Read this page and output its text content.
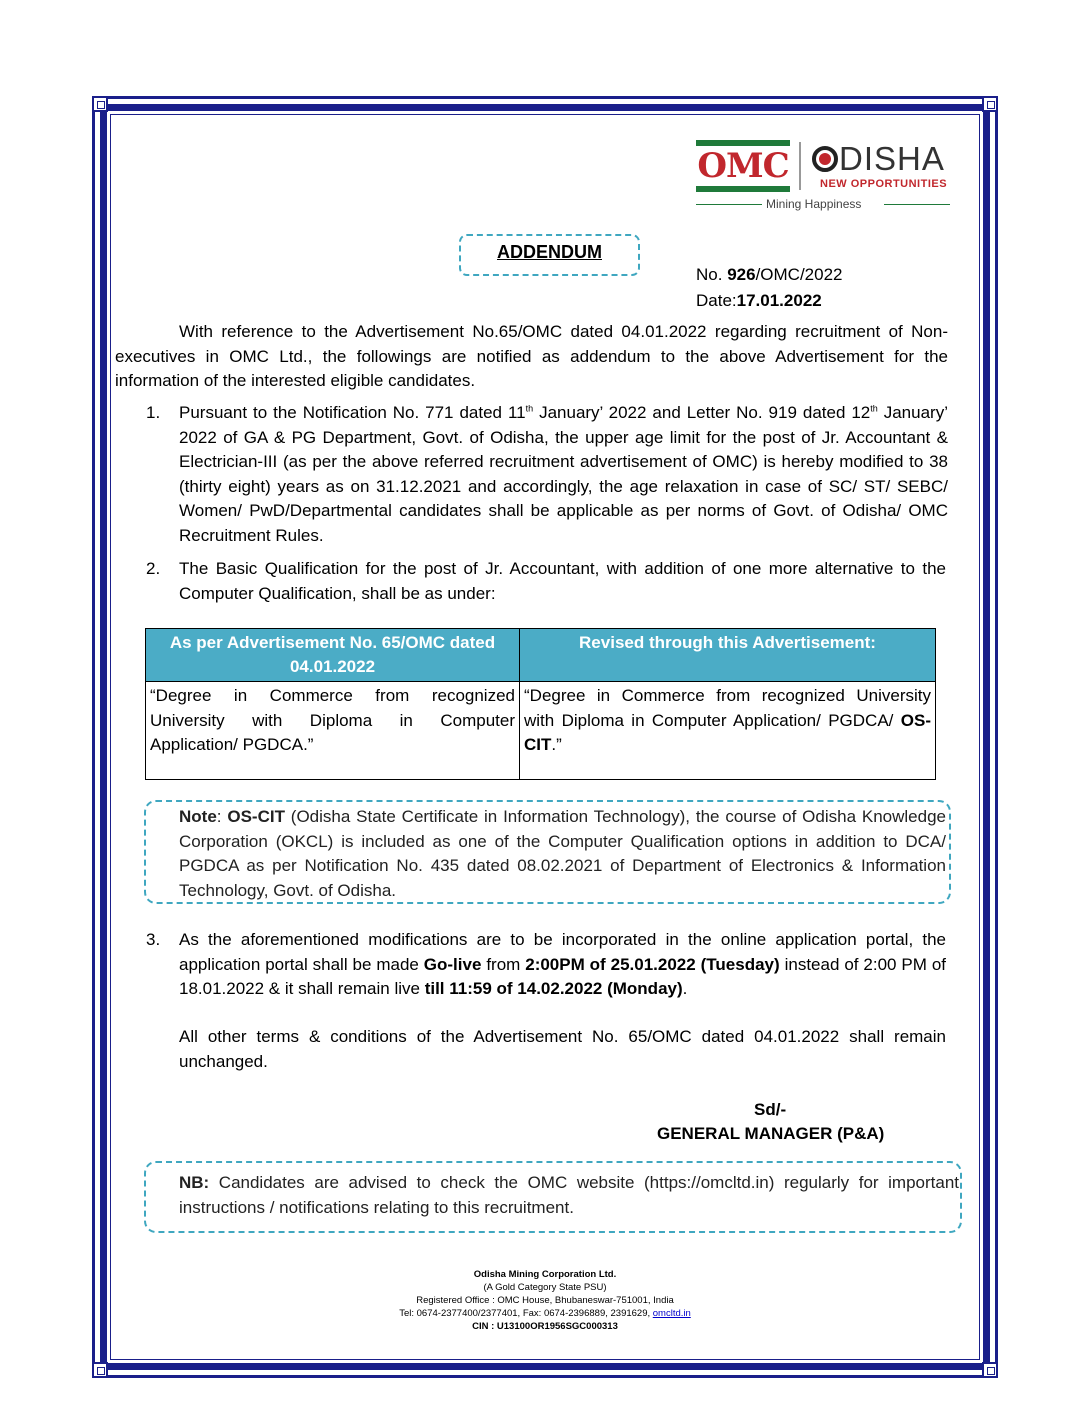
OMC	DISHA
NEW OPPORTUNITIES
Mining Happiness
ADDENDUM
No. 926/OMC/2022
Date:17.01.2022
With reference to the Advertisement No.65/OMC dated 04.01.2022 regarding recruitment of Non-executives in OMC Ltd., the followings are notified as addendum to the above Advertisement for the information of the interested eligible candidates.
1. Pursuant to the Notification No. 771 dated 11th January’ 2022 and Letter No. 919 dated 12th January’ 2022 of GA & PG Department, Govt. of Odisha, the upper age limit for the post of Jr. Accountant & Electrician-III (as per the above referred recruitment advertisement of OMC) is hereby modified to 38 (thirty eight) years as on 31.12.2021 and accordingly, the age relaxation in case of SC/ ST/ SEBC/ Women/ PwD/Departmental candidates shall be applicable as per norms of Govt. of Odisha/ OMC Recruitment Rules.
2. The Basic Qualification for the post of Jr. Accountant, with addition of one more alternative to the Computer Qualification, shall be as under:
As per Advertisement No. 65/OMC dated 04.01.2022	Revised through this Advertisement:
“Degree in Commerce from recognized University with Diploma in Computer Application/ PGDCA.”	“Degree in Commerce from recognized University with Diploma in Computer Application/ PGDCA/ OS-CIT.”
Note: OS-CIT (Odisha State Certificate in Information Technology), the course of Odisha Knowledge Corporation (OKCL) is included as one of the Computer Qualification options in addition to DCA/ PGDCA as per Notification No. 435 dated 08.02.2021 of Department of Electronics & Information Technology, Govt. of Odisha.
3. As the aforementioned modifications are to be incorporated in the online application portal, the application portal shall be made Go-live from 2:00PM of 25.01.2022 (Tuesday) instead of 2:00 PM of 18.01.2022 & it shall remain live till 11:59 of 14.02.2022 (Monday).
All other terms & conditions of the Advertisement No. 65/OMC dated 04.01.2022 shall remain unchanged.
Sd/-
GENERAL MANAGER (P&A)
NB: Candidates are advised to check the OMC website (https://omcltd.in) regularly for important instructions / notifications relating to this recruitment.
Odisha Mining Corporation Ltd.
(A Gold Category State PSU)
Registered Office : OMC House, Bhubaneswar-751001, India
Tel: 0674-2377400/2377401, Fax: 0674-2396889, 2391629, omcltd.in
CIN : U13100OR1956SGC000313
